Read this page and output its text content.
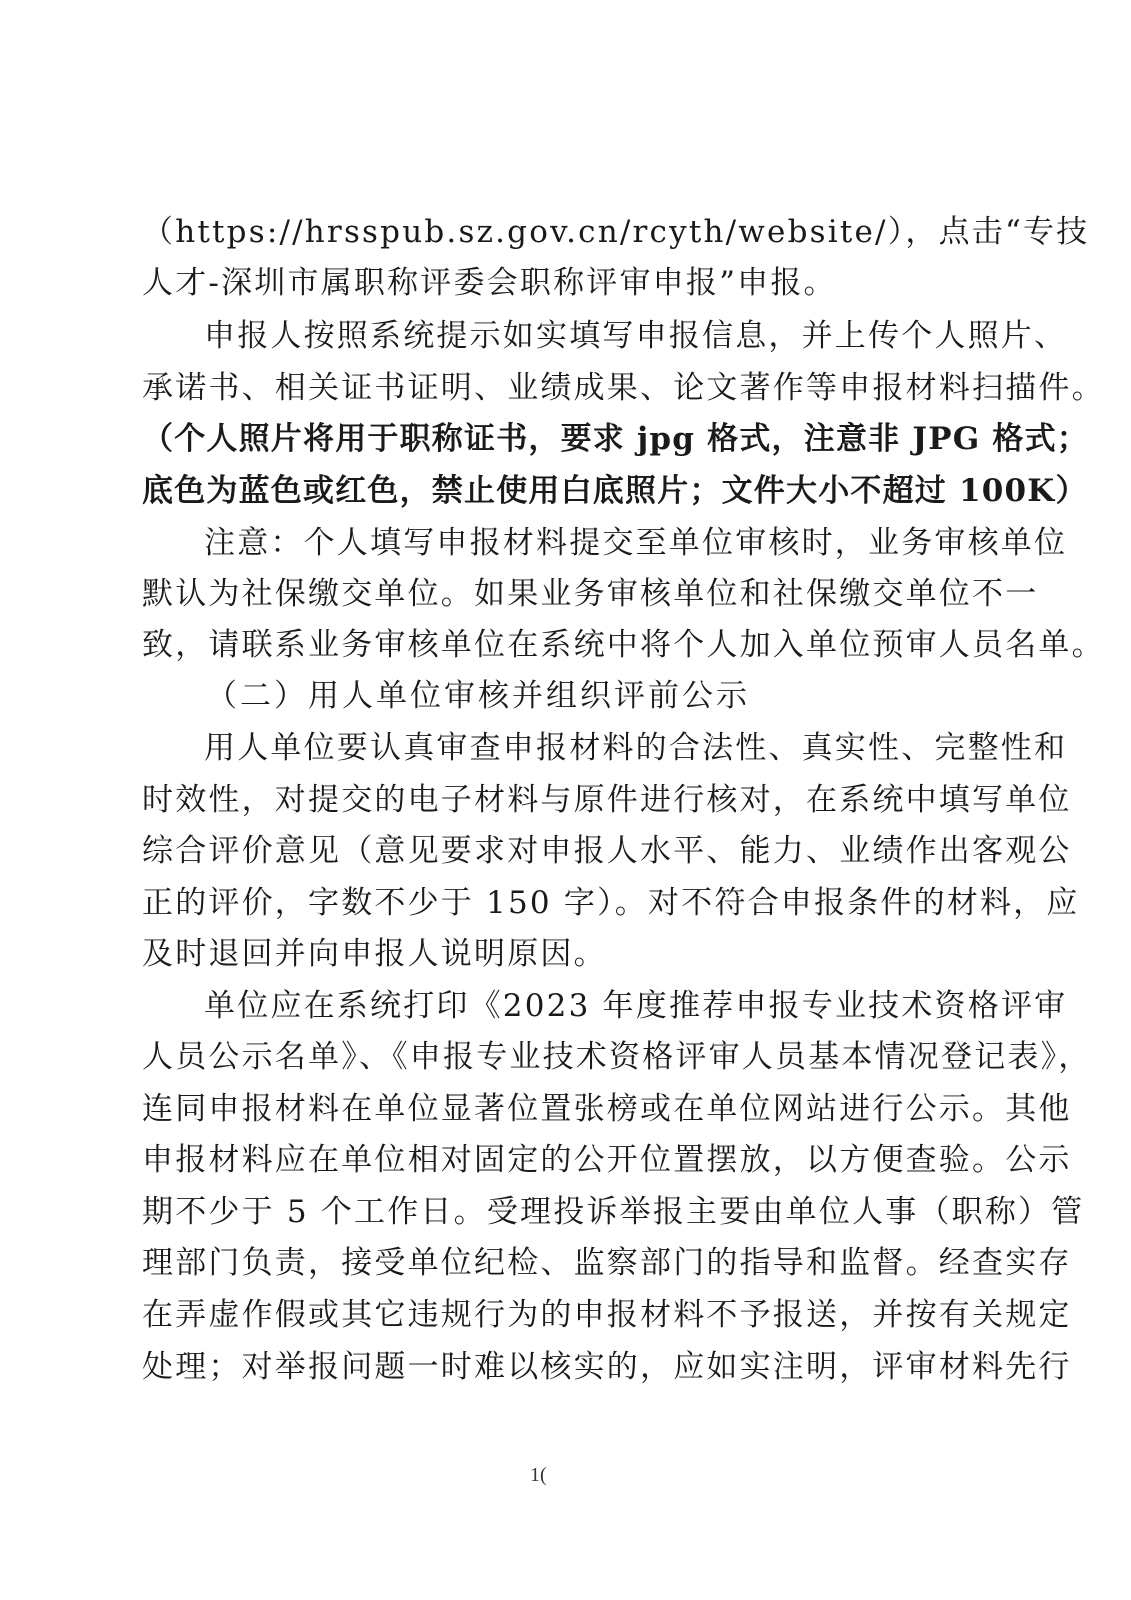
（https://hrsspub.sz.gov.cn/rcyth/website/），点击“专技
人才-深圳市属职称评委会职称评审申报”申报。
申报人按照系统提示如实填写申报信息，并上传个人照片、
承诺书、相关证书证明、业绩成果、论文著作等申报材料扫描件。
（个人照片将用于职称证书，要求 jpg 格式，注意非 JPG 格式；
底色为蓝色或红色，禁止使用白底照片；文件大小不超过 100K）
注意：个人填写申报材料提交至单位审核时，业务审核单位
默认为社保缴交单位。如果业务审核单位和社保缴交单位不一
致，请联系业务审核单位在系统中将个人加入单位预审人员名单。
（二）用人单位审核并组织评前公示
用人单位要认真审查申报材料的合法性、真实性、完整性和
时效性，对提交的电子材料与原件进行核对，在系统中填写单位
综合评价意见（意见要求对申报人水平、能力、业绩作出客观公
正的评价，字数不少于 150 字）。对不符合申报条件的材料，应
及时退回并向申报人说明原因。
单位应在系统打印《2023 年度推荐申报专业技术资格评审
人员公示名单》、《申报专业技术资格评审人员基本情况登记表》，
连同申报材料在单位显著位置张榜或在单位网站进行公示。其他
申报材料应在单位相对固定的公开位置摆放，以方便查验。公示
期不少于 5 个工作日。受理投诉举报主要由单位人事（职称）管
理部门负责，接受单位纪检、监察部门的指导和监督。经查实存
在弄虚作假或其它违规行为的申报材料不予报送，并按有关规定
处理；对举报问题一时难以核实的，应如实注明，评审材料先行
1(
